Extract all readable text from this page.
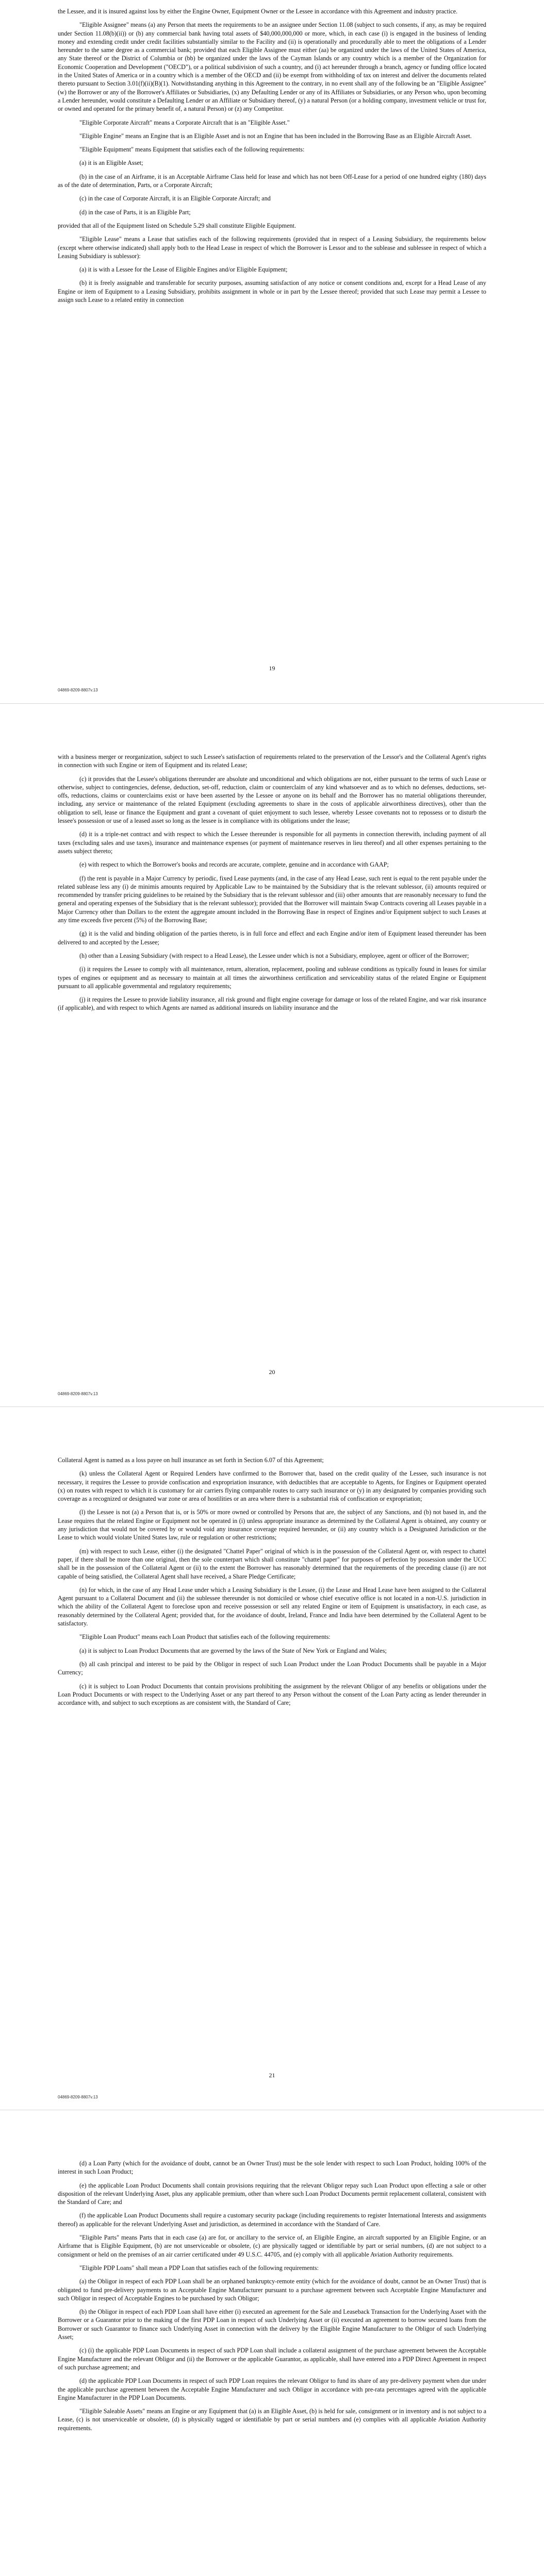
the Lessee, and it is insured against loss by either the Engine Owner, Equipment Owner or the Lessee in accordance with this Agreement and industry practice.

"Eligible Assignee" means (a) any Person that meets the requirements to be an assignee under Section 11.08 (subject to such consents, if any, as may be required under Section 11.08(b)(ii)) or (b) any commercial bank having total assets of $40,000,000,000 or more, which, in each case (i) is engaged in the business of lending money and extending credit under credit facilities substantially similar to the Facility and (ii) is operationally and procedurally able to meet the obligations of a Lender hereunder to the same degree as a commercial bank; provided that each Eligible Assignee must either (aa) be organized under the laws of the United States of America, any State thereof or the District of Columbia or (bb) be organized under the laws of the Cayman Islands or any country which is a member of the Organization for Economic Cooperation and Development ("OECD"), or a political subdivision of such a country, and (i) act hereunder through a branch, agency or funding office located in the United States of America or in a country which is a member of the OECD and (ii) be exempt from withholding of tax on interest and deliver the documents related thereto pursuant to Section 3.01(f)(ii)(B)(1). Notwithstanding anything in this Agreement to the contrary, in no event shall any of the following be an "Eligible Assignee" (w) the Borrower or any of the Borrower's Affiliates or Subsidiaries, (x) any Defaulting Lender or any of its Affiliates or Subsidiaries, or any Person who, upon becoming a Lender hereunder, would constitute a Defaulting Lender or an Affiliate or Subsidiary thereof, (y) a natural Person (or a holding company, investment vehicle or trust for, or owned and operated for the primary benefit of, a natural Person) or (z) any Competitor.

"Eligible Corporate Aircraft" means a Corporate Aircraft that is an "Eligible Asset."

"Eligible Engine" means an Engine that is an Eligible Asset and is not an Engine that has been included in the Borrowing Base as an Eligible Aircraft Asset.

"Eligible Equipment" means Equipment that satisfies each of the following requirements:

(a) it is an Eligible Asset;

(b) in the case of an Airframe, it is an Acceptable Airframe Class held for lease and which has not been Off-Lease for a period of one hundred eighty (180) days as of the date of determination, Parts, or a Corporate Aircraft;

(c) in the case of Corporate Aircraft, it is an Eligible Corporate Aircraft; and

(d) in the case of Parts, it is an Eligible Part;

provided that all of the Equipment listed on Schedule 5.29 shall constitute Eligible Equipment.

"Eligible Lease" means a Lease that satisfies each of the following requirements (provided that in respect of a Leasing Subsidiary, the requirements below (except where otherwise indicated) shall apply both to the Head Lease in respect of which the Borrower is Lessor and to the sublease and sublessee in respect of which a Leasing Subsidiary is sublessor):

(a) it is with a Lessee for the Lease of Eligible Engines and/or Eligible Equipment;

(b) it is freely assignable and transferable for security purposes, assuming satisfaction of any notice or consent conditions and, except for a Head Lease of any Engine or item of Equipment to a Leasing Subsidiary, prohibits assignment in whole or in part by the Lessee thereof; provided that such Lease may permit a Lessee to assign such Lease to a related entity in connection

19
04869-8209-8807v.13

with a business merger or reorganization, subject to such Lessee's satisfaction of requirements related to the preservation of the Lessor's and the Collateral Agent's rights in connection with such Engine or item of Equipment and its related Lease;

(c) it provides that the Lessee's obligations thereunder are absolute and unconditional and which obligations are not, either pursuant to the terms of such Lease or otherwise, subject to contingencies, defense, deduction, set-off, reduction, claim or counterclaim of any kind whatsoever and as to which no defenses, deductions, set-offs, reductions, claims or counterclaims exist or have been asserted by the Lessee or anyone on its behalf and the Borrower has no material obligations thereunder, including, any service or maintenance of the related Equipment (excluding agreements to share in the costs of applicable airworthiness directives), other than the obligation to sell, lease or finance the Equipment and grant a covenant of quiet enjoyment to such lessee, whereby Lessee covenants not to repossess or to disturb the lessee's possession or use of a leased asset so long as the lessee is in compliance with its obligations under the lease;

(d) it is a triple-net contract and with respect to which the Lessee thereunder is responsible for all payments in connection therewith, including payment of all taxes (excluding sales and use taxes), insurance and maintenance expenses (or payment of maintenance reserves in lieu thereof) and all other expenses pertaining to the assets subject thereto;

(e) with respect to which the Borrower's books and records are accurate, complete, genuine and in accordance with GAAP;

(f) the rent is payable in a Major Currency by periodic, fixed Lease payments (and, in the case of any Head Lease, such rent is equal to the rent payable under the related sublease less any (i) de minimis amounts required by Applicable Law to be maintained by the Subsidiary that is the relevant sublessor, (ii) amounts required or recommended by transfer pricing guidelines to be retained by the Subsidiary that is the relevant sublessor and (iii) other amounts that are reasonably necessary to fund the general and operating expenses of the Subsidiary that is the relevant sublessor); provided that the Borrower will maintain Swap Contracts covering all Leases payable in a Major Currency other than Dollars to the extent the aggregate amount included in the Borrowing Base in respect of Engines and/or Equipment subject to such Leases at any time exceeds five percent (5%) of the Borrowing Base;

(g) it is the valid and binding obligation of the parties thereto, is in full force and effect and each Engine and/or item of Equipment leased thereunder has been delivered to and accepted by the Lessee;

(h) other than a Leasing Subsidiary (with respect to a Head Lease), the Lessee under which is not a Subsidiary, employee, agent or officer of the Borrower;

(i) it requires the Lessee to comply with all maintenance, return, alteration, replacement, pooling and sublease conditions as typically found in leases for similar types of engines or equipment and as necessary to maintain at all times the airworthiness certification and serviceability status of the related Engine or Equipment pursuant to all applicable governmental and regulatory requirements;

(j) it requires the Lessee to provide liability insurance, all risk ground and flight engine coverage for damage or loss of the related Engine, and war risk insurance (if applicable), and with respect to which Agents are named as additional insureds on liability insurance and the

20
04869-8209-8807v.13

Collateral Agent is named as a loss payee on hull insurance as set forth in Section 6.07 of this Agreement;

(k) unless the Collateral Agent or Required Lenders have confirmed to the Borrower that, based on the credit quality of the Lessee, such insurance is not necessary, it requires the Lessee to provide confiscation and expropriation insurance, with deductibles that are acceptable to Agents, for Engines or Equipment operated (x) on routes with respect to which it is customary for air carriers flying comparable routes to carry such insurance or (y) in any designated by companies providing such coverage as a recognized or designated war zone or area of hostilities or an area where there is a substantial risk of confiscation or expropriation;

(l) the Lessee is not (a) a Person that is, or is 50% or more owned or controlled by Persons that are, the subject of any Sanctions, and (b) not based in, and the Lease requires that the related Engine or Equipment not be operated in (i) unless appropriate insurance as determined by the Collateral Agent is obtained, any country or any jurisdiction that would not be covered by or would void any insurance coverage required hereunder, or (ii) any country which is a Designated Jurisdiction or the Lease to which would violate United States law, rule or regulation or other restrictions;

(m) with respect to such Lease, either (i) the designated "Chattel Paper" original of which is in the possession of the Collateral Agent or, with respect to chattel paper, if there shall be more than one original, then the sole counterpart which shall constitute "chattel paper" for purposes of perfection by possession under the UCC shall be in the possession of the Collateral Agent or (ii) to the extent the Borrower has reasonably determined that the requirements of the preceding clause (i) are not capable of being satisfied, the Collateral Agent shall have received, a Share Pledge Certificate;

(n) for which, in the case of any Head Lease under which a Leasing Subsidiary is the Lessee, (i) the Lease and Head Lease have been assigned to the Collateral Agent pursuant to a Collateral Document and (ii) the sublessee thereunder is not domiciled or whose chief executive office is not located in a non-U.S. jurisdiction in which the ability of the Collateral Agent to foreclose upon and receive possession or sell any related Engine or item of Equipment is unsatisfactory, in each case, as reasonably determined by the Collateral Agent; provided that, for the avoidance of doubt, Ireland, France and India have been determined by the Collateral Agent to be satisfactory.

"Eligible Loan Product" means each Loan Product that satisfies each of the following requirements:

(a) it is subject to Loan Product Documents that are governed by the laws of the State of New York or England and Wales;

(b) all cash principal and interest to be paid by the Obligor in respect of such Loan Product under the Loan Product Documents shall be payable in a Major Currency;

(c) it is subject to Loan Product Documents that contain provisions prohibiting the assignment by the relevant Obligor of any benefits or obligations under the Loan Product Documents or with respect to the Underlying Asset or any part thereof to any Person without the consent of the Loan Party acting as lender thereunder in accordance with, and subject to such exceptions as are consistent with, the Standard of Care;

21
04869-8209-8807v.13

(d) a Loan Party (which for the avoidance of doubt, cannot be an Owner Trust) must be the sole lender with respect to such Loan Product, holding 100% of the interest in such Loan Product;

(e) the applicable Loan Product Documents shall contain provisions requiring that the relevant Obligor repay such Loan Product upon effecting a sale or other disposition of the relevant Underlying Asset, plus any applicable premium, other than where such Loan Product Documents permit replacement collateral, consistent with the Standard of Care; and

(f) the applicable Loan Product Documents shall require a customary security package (including requirements to register International Interests and assignments thereof) as applicable for the relevant Underlying Asset and jurisdiction, as determined in accordance with the Standard of Care.

"Eligible Parts" means Parts that in each case (a) are for, or ancillary to the service of, an Eligible Engine, an aircraft supported by an Eligible Engine, or an Airframe that is Eligible Equipment, (b) are not unserviceable or obsolete, (c) are physically tagged or identifiable by part or serial numbers, (d) are not subject to a consignment or held on the premises of an air carrier certificated under 49 U.S.C. 44705, and (e) comply with all applicable Aviation Authority requirements.

"Eligible PDP Loans" shall mean a PDP Loan that satisfies each of the following requirements:

(a) the Obligor in respect of each PDP Loan shall be an orphaned bankruptcy-remote entity (which for the avoidance of doubt, cannot be an Owner Trust) that is obligated to fund pre-delivery payments to an Acceptable Engine Manufacturer pursuant to a purchase agreement between such Acceptable Engine Manufacturer and such Obligor in respect of Acceptable Engines to be purchased by such Obligor;

(b) the Obligor in respect of each PDP Loan shall have either (i) executed an agreement for the Sale and Leaseback Transaction for the Underlying Asset with the Borrower or a Guarantor prior to the making of the first PDP Loan in respect of such Underlying Asset or (ii) executed an agreement to borrow secured loans from the Borrower or such Guarantor to finance such Underlying Asset in connection with the delivery by the Eligible Engine Manufacturer to the Obligor of such Underlying Asset;

(c) (i) the applicable PDP Loan Documents in respect of such PDP Loan shall include a collateral assignment of the purchase agreement between the Acceptable Engine Manufacturer and the relevant Obligor and (ii) the Borrower or the applicable Guarantor, as applicable, shall have entered into a PDP Direct Agreement in respect of such purchase agreement; and

(d) the applicable PDP Loan Documents in respect of such PDP Loan requires the relevant Obligor to fund its share of any pre-delivery payment when due under the applicable purchase agreement between the Acceptable Engine Manufacturer and such Obligor in accordance with pre-rata percentages agreed with the applicable Engine Manufacturer in the PDP Loan Documents.

"Eligible Saleable Assets" means an Engine or any Equipment that (a) is an Eligible Asset, (b) is held for sale, consignment or in inventory and is not subject to a Lease, (c) is not unserviceable or obsolete, (d) is physically tagged or identifiable by part or serial numbers and (e) complies with all applicable Aviation Authority requirements.
